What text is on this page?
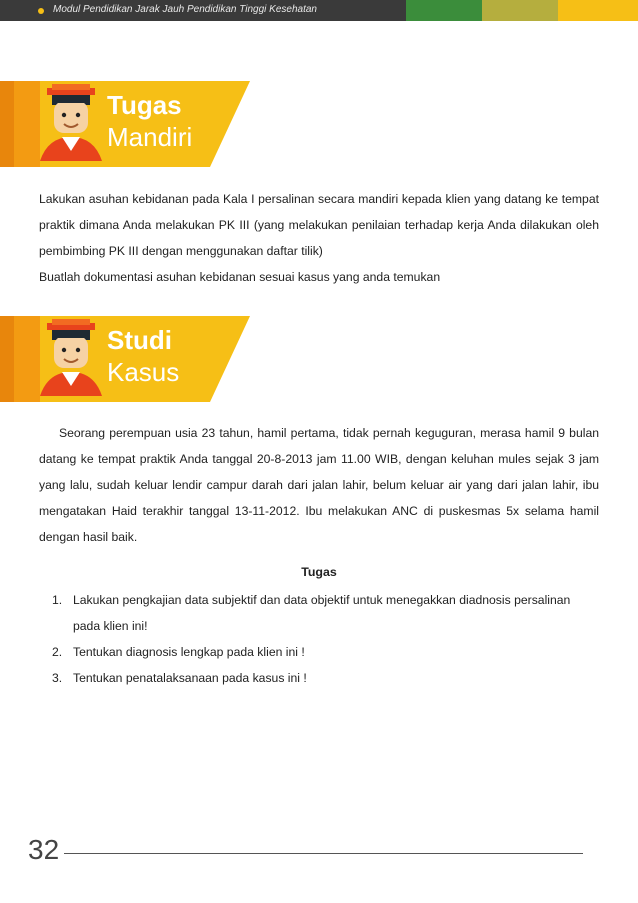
Modul Pendidikan Jarak Jauh Pendidikan Tinggi Kesehatan
Tugas
Mandiri

Lakukan asuhan kebidanan pada Kala I persalinan secara mandiri kepada klien yang datang ke tempat praktik dimana Anda melakukan PK III (yang melakukan penilaian terhadap kerja Anda dilakukan oleh pembimbing PK III dengan menggunakan daftar tilik)

Buatlah dokumentasi asuhan kebidanan sesuai kasus yang anda temukan

Studi
Kasus

Seorang perempuan usia 23 tahun, hamil pertama, tidak pernah keguguran, merasa hamil 9 bulan datang ke tempat praktik Anda tanggal 20-8-2013 jam 11.00 WIB, dengan keluhan mules sejak 3 jam yang lalu, sudah keluar lendir campur darah dari jalan lahir, belum keluar air yang dari jalan lahir, ibu mengatakan Haid terakhir tanggal 13-11-2012. Ibu melakukan ANC di puskesmas 5x selama hamil dengan hasil baik.

Tugas
1. Lakukan pengkajian data subjektif dan data objektif untuk menegakkan diadnosis persalinan pada klien ini!
2. Tentukan diagnosis lengkap pada klien ini !
3. Tentukan penatalaksanaan pada kasus ini !
32
